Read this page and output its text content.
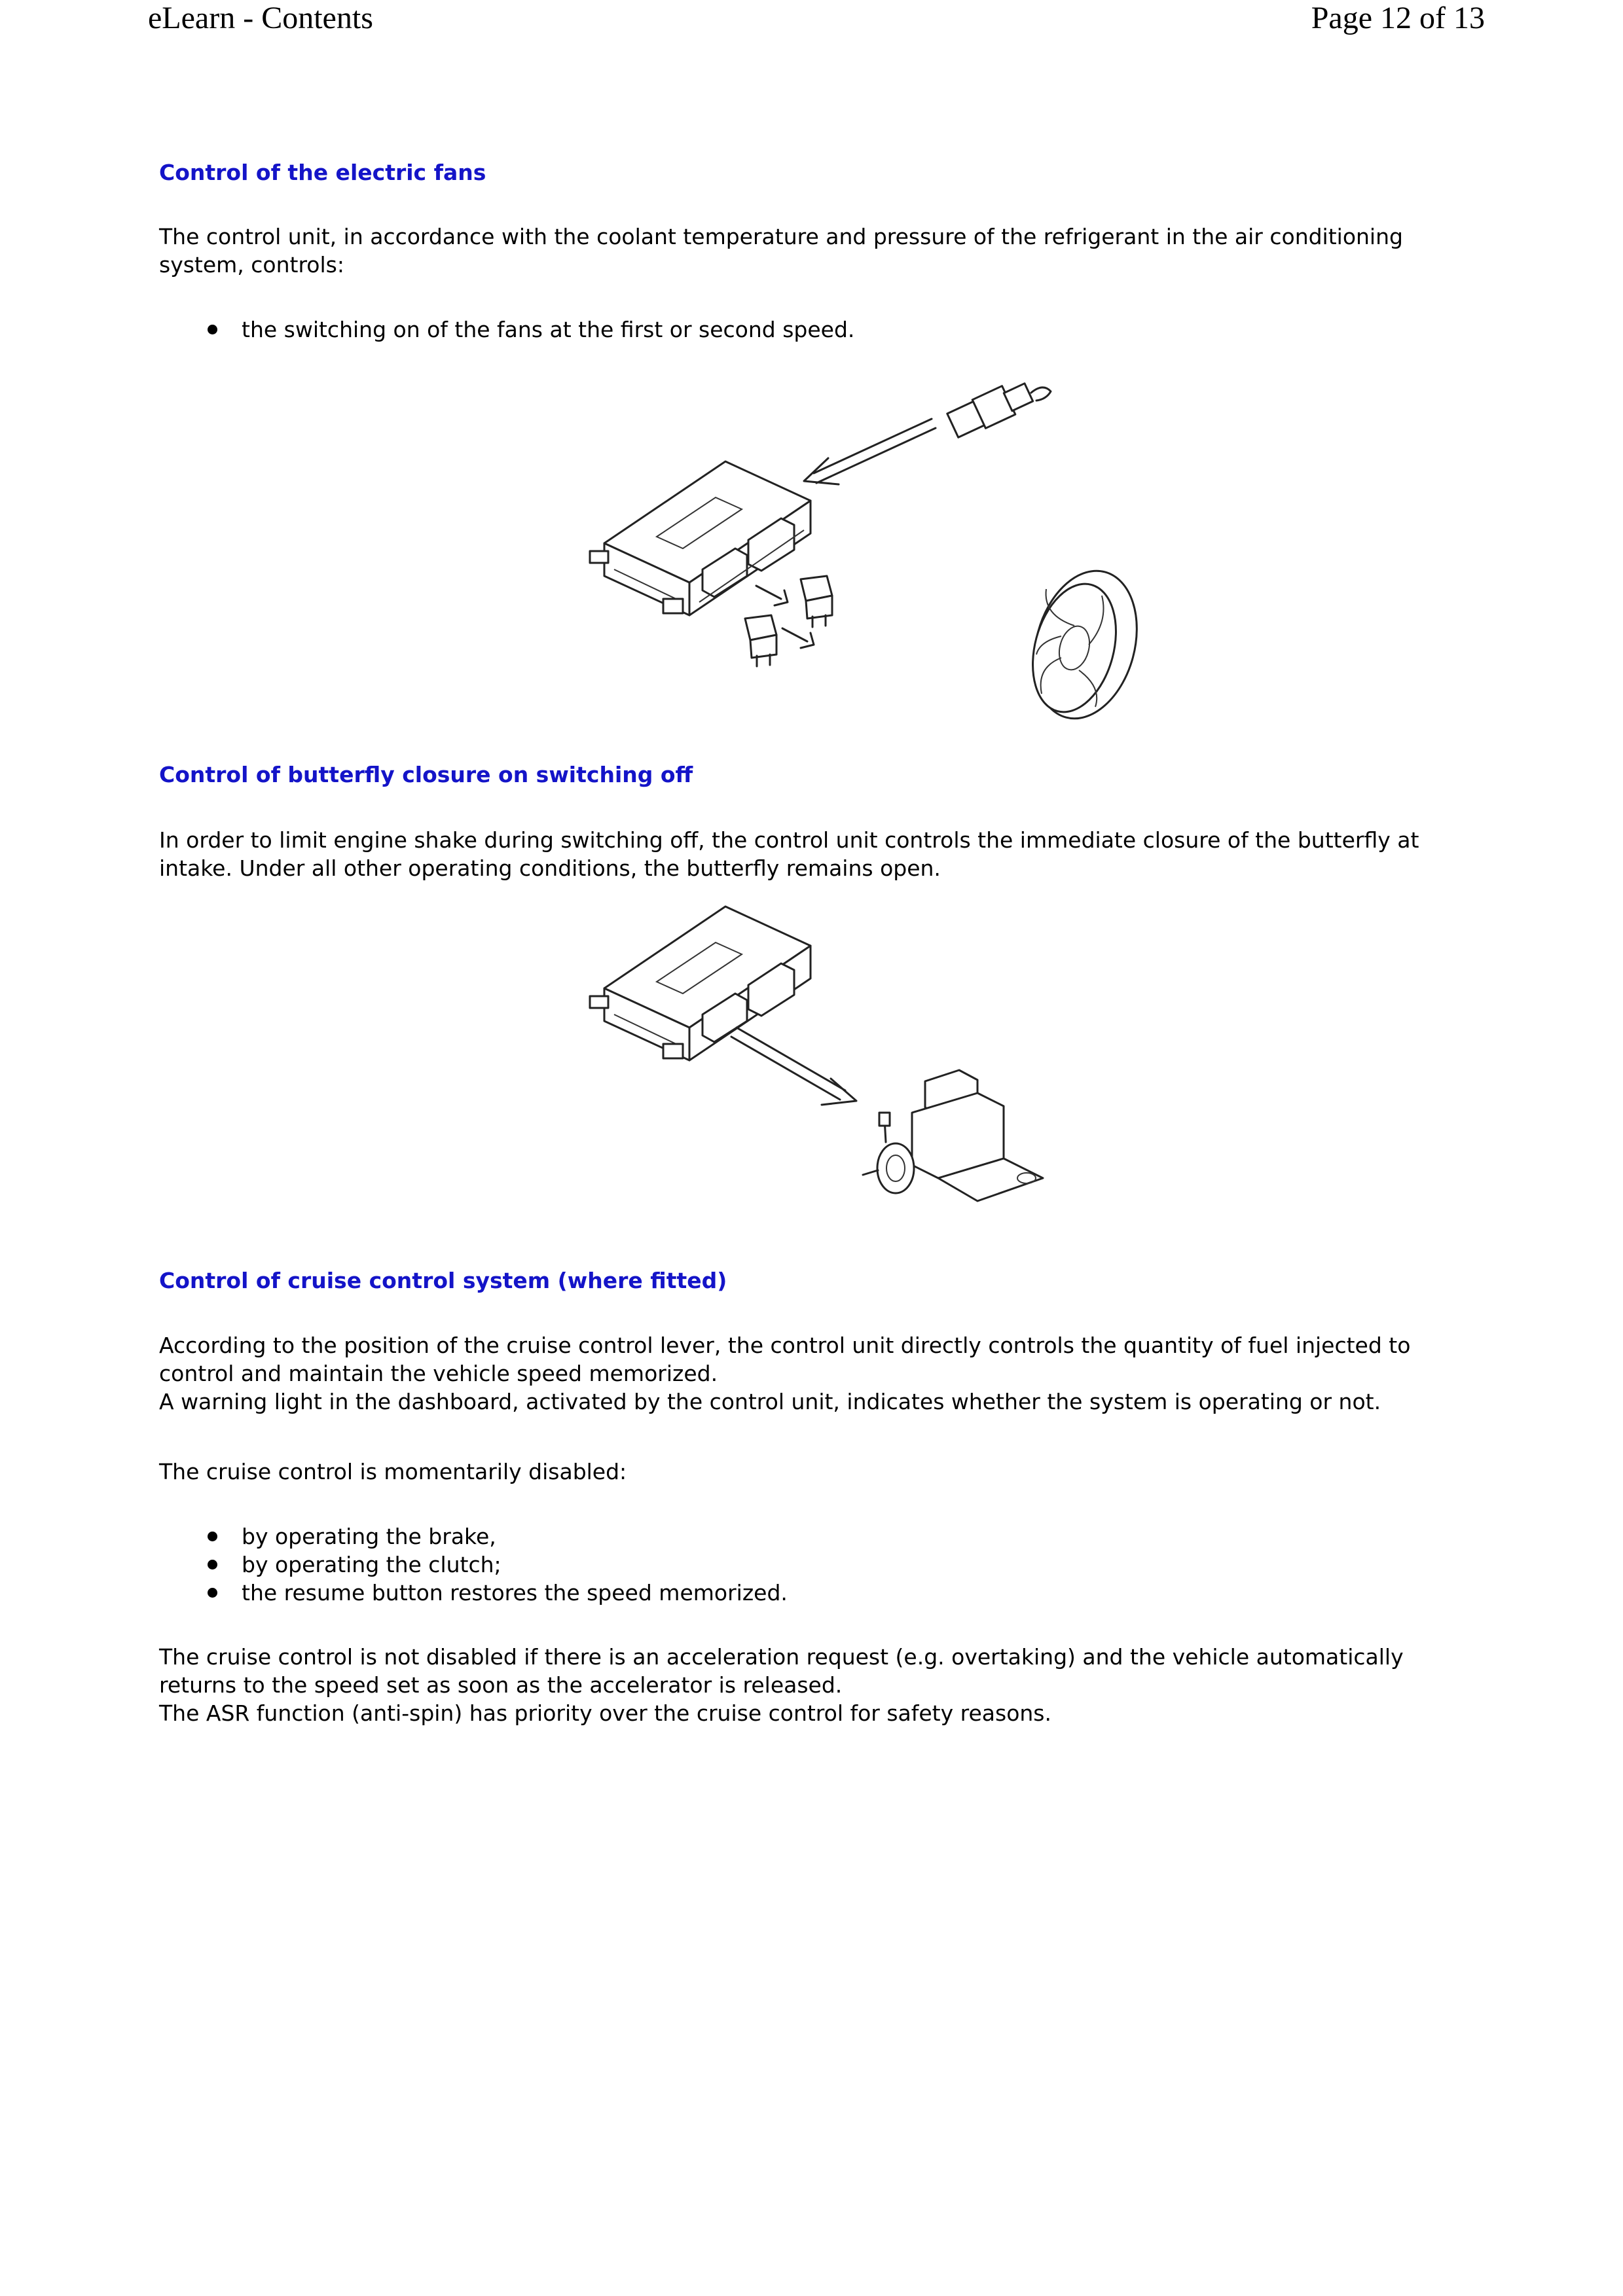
eLearn - Contents	Page 12 of 13
Control of the electric fans
The control unit, in accordance with the coolant temperature and pressure of the refrigerant in the air conditioning
system, controls:
the switching on of the fans at the first or second speed.
Control of butterfly closure on switching off
In order to limit engine shake during switching off, the control unit controls the immediate closure of the butterfly at
intake. Under all other operating conditions, the butterfly remains open.
Control of cruise control system (where fitted)
According to the position of the cruise control lever, the control unit directly controls the quantity of fuel injected to
control and maintain the vehicle speed memorized.
A warning light in the dashboard, activated by the control unit, indicates whether the system is operating or not.
The cruise control is momentarily disabled:
by operating the brake,
by operating the clutch;
the resume button restores the speed memorized.
The cruise control is not disabled if there is an acceleration request (e.g. overtaking) and the vehicle automatically
returns to the speed set as soon as the accelerator is released.
The ASR function (anti-spin) has priority over the cruise control for safety reasons.
